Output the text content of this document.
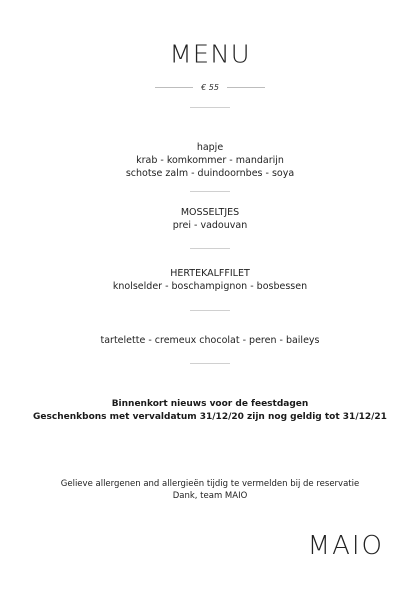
MENU
€ 55
hapje
krab - komkommer - mandarijn
schotse zalm - duindoornbes - soya
MOSSELTJES
prei - vadouvan
HERTEKALFFILET
knolselder - boschampignon - bosbessen
tartelette - cremeux chocolat - peren - baileys
Binnenkort nieuws voor de feestdagen
Geschenkbons met vervaldatum 31/12/20 zijn nog geldig tot 31/12/21
Gelieve allergenen and allergieën tijdig te vermelden bij de reservatie
Dank, team MAIO
MAIO
